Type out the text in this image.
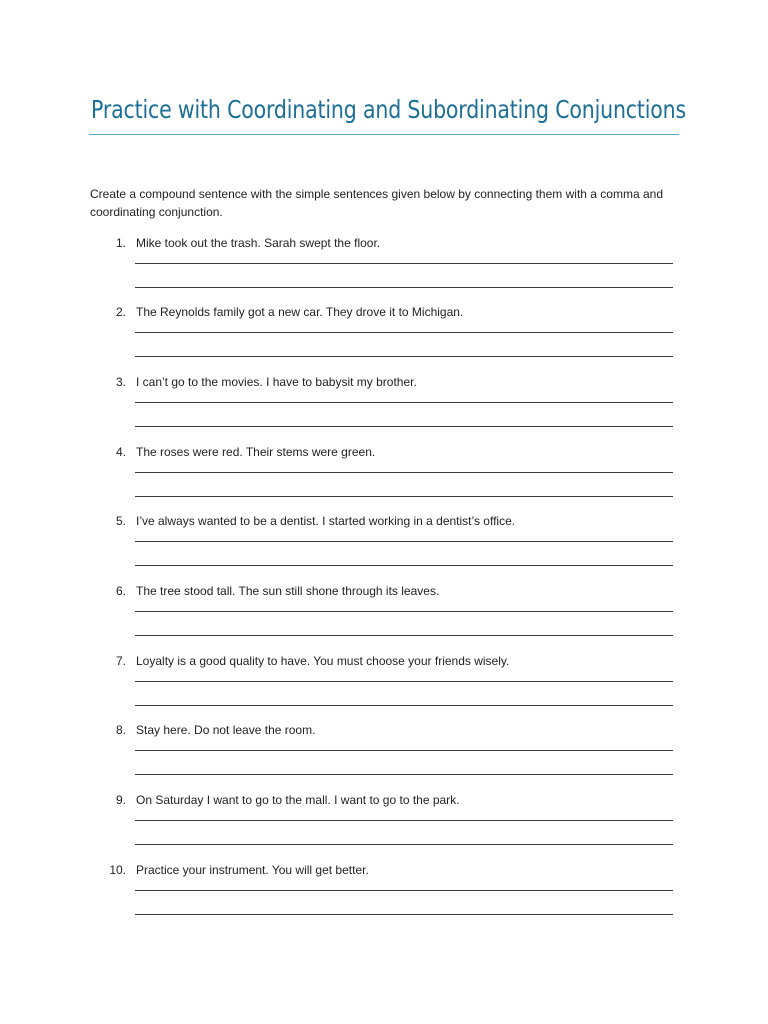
Practice with Coordinating and Subordinating Conjunctions
Create a compound sentence with the simple sentences given below by connecting them with a comma and coordinating conjunction.
1. Mike took out the trash. Sarah swept the floor.
2. The Reynolds family got a new car. They drove it to Michigan.
3. I can’t go to the movies. I have to babysit my brother.
4. The roses were red. Their stems were green.
5. I’ve always wanted to be a dentist. I started working in a dentist’s office.
6. The tree stood tall. The sun still shone through its leaves.
7. Loyalty is a good quality to have. You must choose your friends wisely.
8. Stay here. Do not leave the room.
9. On Saturday I want to go to the mall. I want to go to the park.
10. Practice your instrument. You will get better.
